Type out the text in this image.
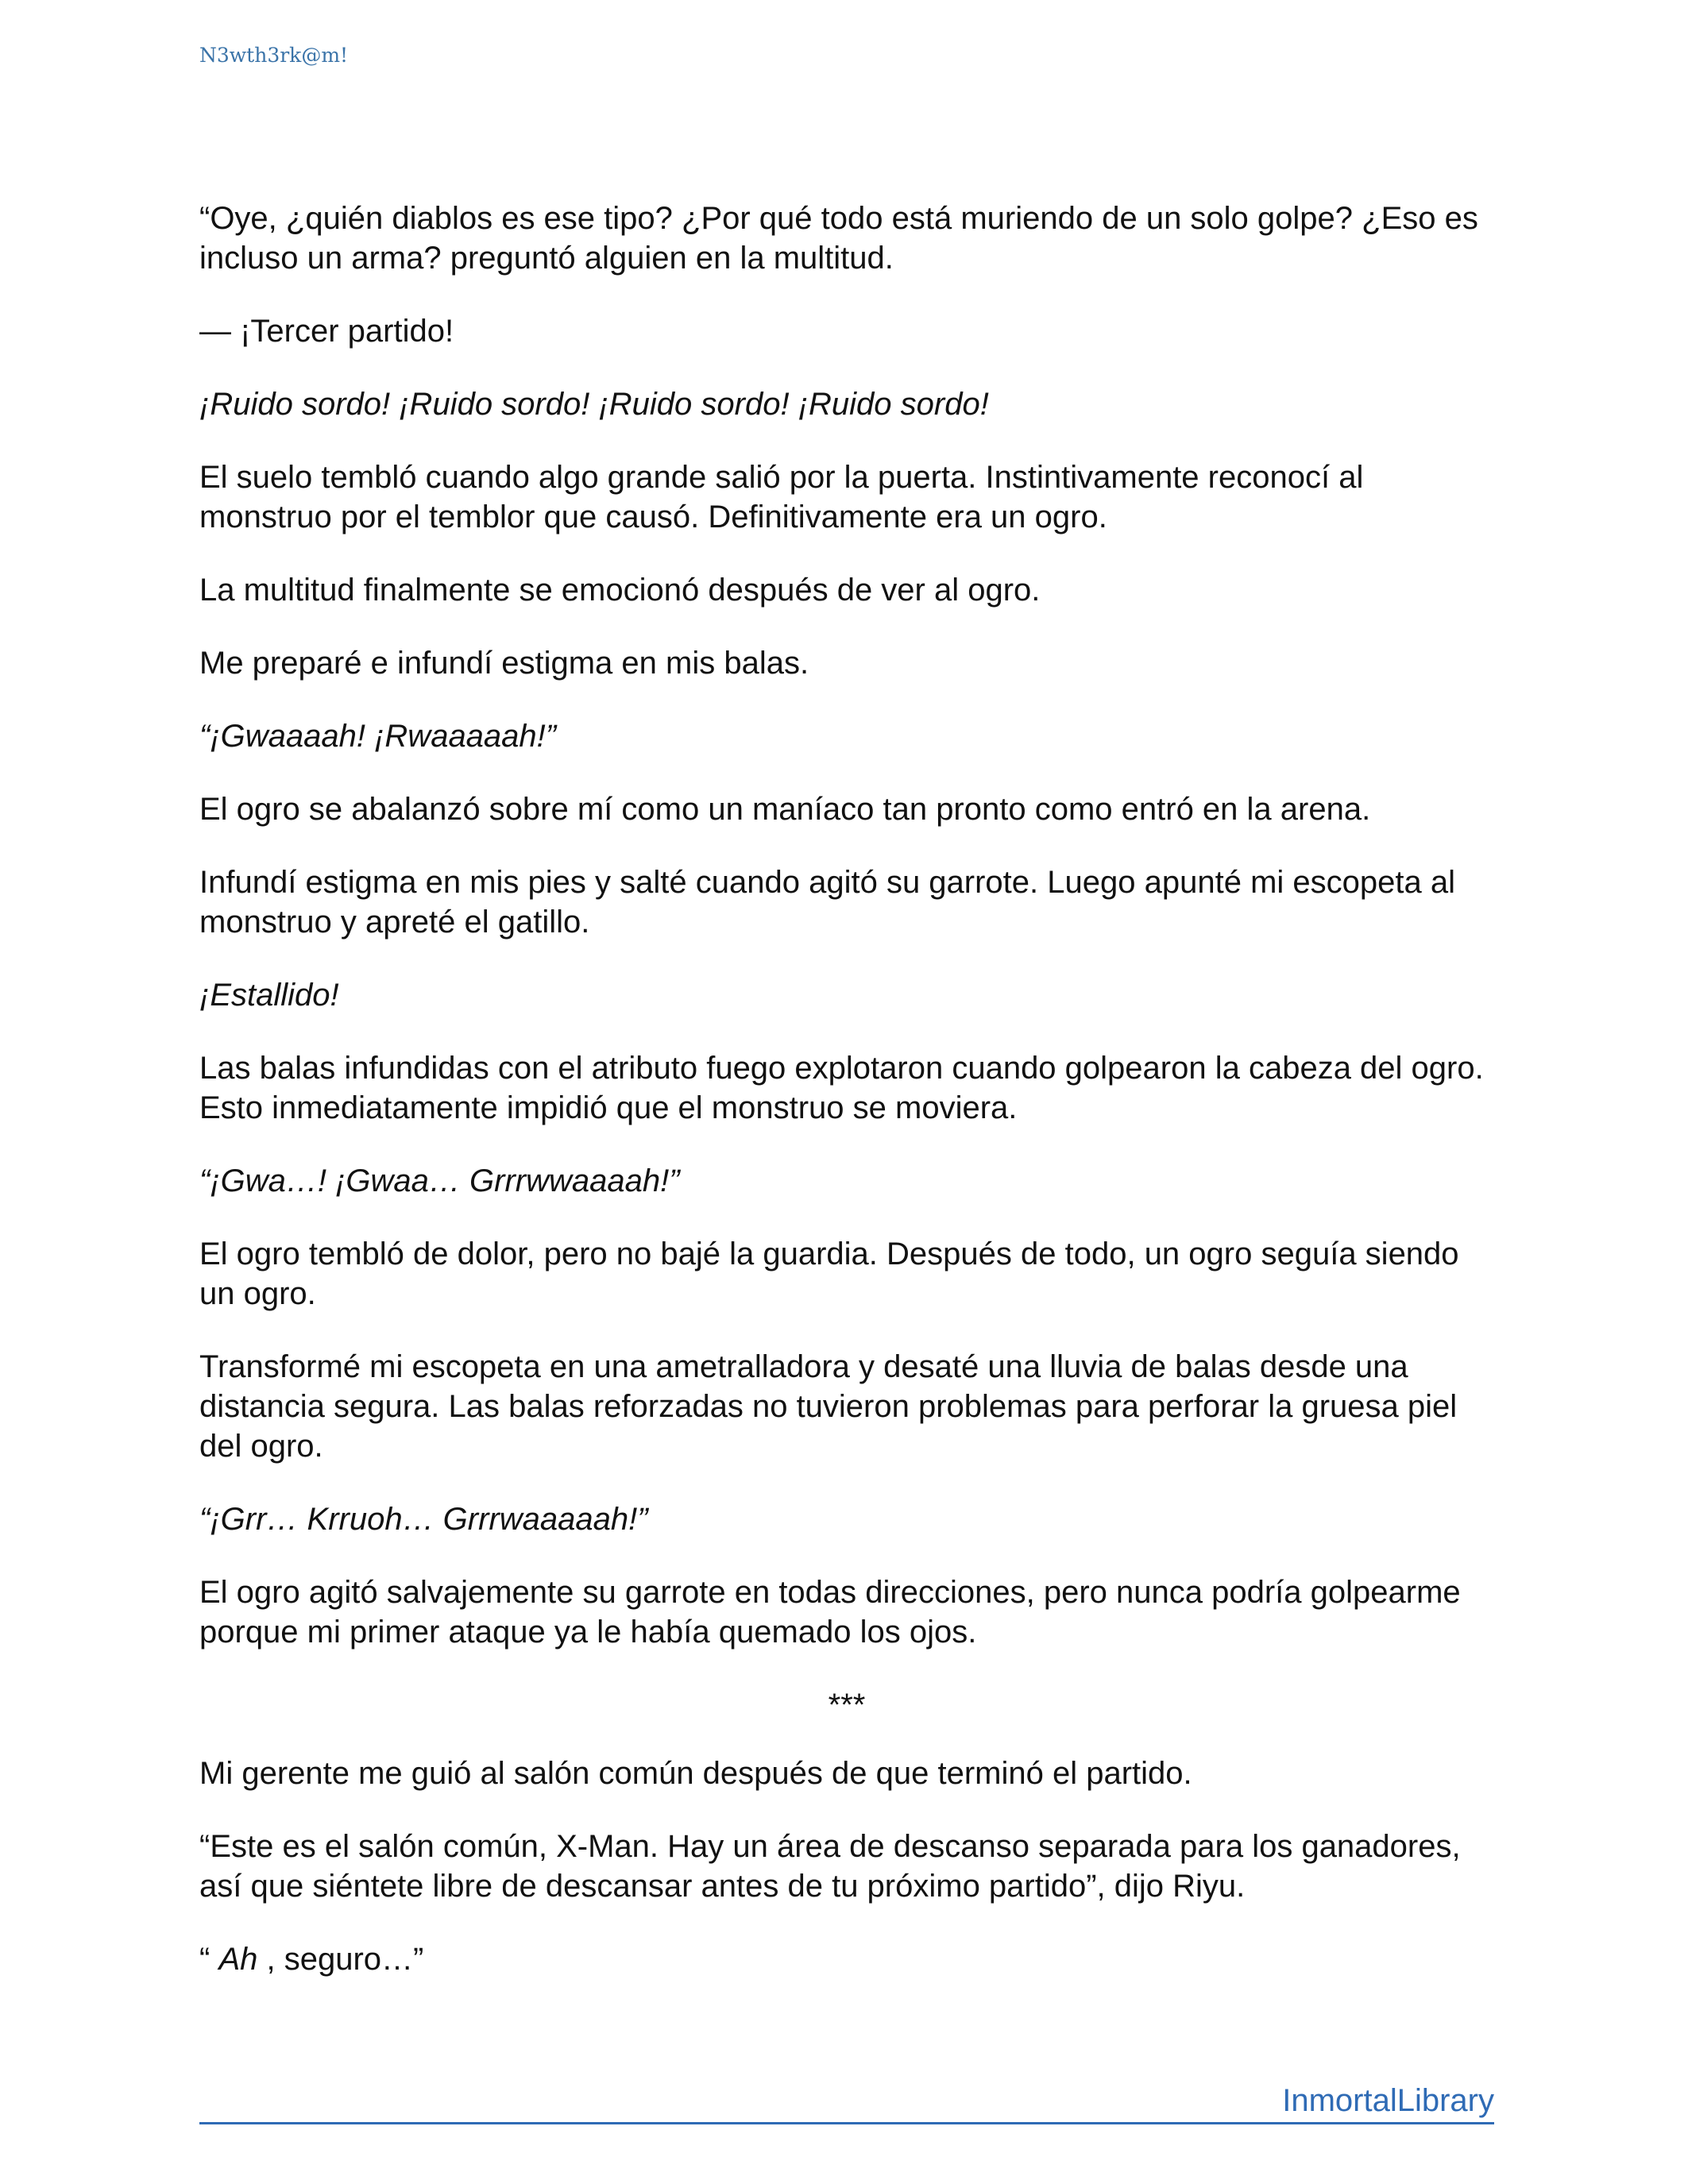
N3wth3rk@m!

“Oye, ¿quién diablos es ese tipo? ¿Por qué todo está muriendo de un solo golpe? ¿Eso es incluso un arma? preguntó alguien en la multitud.

— ¡Tercer partido!

¡Ruido sordo! ¡Ruido sordo! ¡Ruido sordo! ¡Ruido sordo!

El suelo tembló cuando algo grande salió por la puerta. Instintivamente reconocí al monstruo por el temblor que causó. Definitivamente era un ogro.

La multitud finalmente se emocionó después de ver al ogro.

Me preparé e infundí estigma en mis balas.

“¡Gwaaaah! ¡Rwaaaaah!”

El ogro se abalanzó sobre mí como un maníaco tan pronto como entró en la arena.

Infundí estigma en mis pies y salté cuando agitó su garrote. Luego apunté mi escopeta al monstruo y apreté el gatillo.

¡Estallido!

Las balas infundidas con el atributo fuego explotaron cuando golpearon la cabeza del ogro. Esto inmediatamente impidió que el monstruo se moviera.

“¡Gwa…! ¡Gwaa… Grrrwwaaaah!”

El ogro tembló de dolor, pero no bajé la guardia. Después de todo, un ogro seguía siendo un ogro.

Transformé mi escopeta en una ametralladora y desaté una lluvia de balas desde una distancia segura. Las balas reforzadas no tuvieron problemas para perforar la gruesa piel del ogro.

“¡Grr… Krruoh… Grrrwaaaaah!”

El ogro agitó salvajemente su garrote en todas direcciones, pero nunca podría golpearme porque mi primer ataque ya le había quemado los ojos.

***

Mi gerente me guió al salón común después de que terminó el partido.

“Este es el salón común, X-Man. Hay un área de descanso separada para los ganadores, así que siéntete libre de descansar antes de tu próximo partido”, dijo Riyu.

“ Ah , seguro…”

InmortalLibrary
